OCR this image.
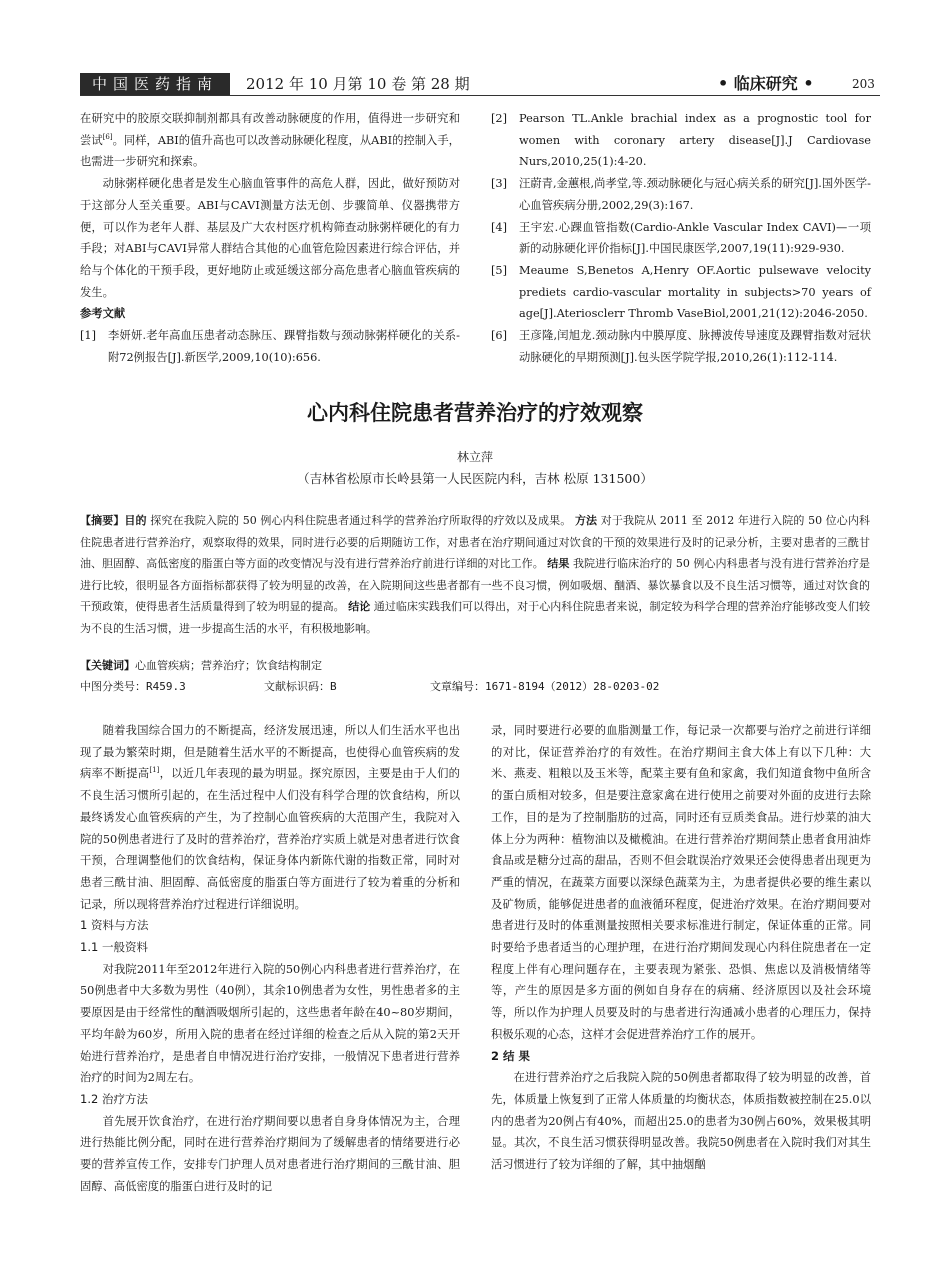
中国医药指南	2012 年 10 月第 10 卷 第 28 期	• 临床研究 •	203

在研究中的胶原交联抑制剂都具有改善动脉硬度的作用，值得进一步研究和尝试[6]。同样，ABI的值升高也可以改善动脉硬化程度，从ABI的控制入手，也需进一步研究和探索。

动脉粥样硬化患者是发生心脑血管事件的高危人群，因此，做好预防对于这部分人至关重要。ABI与CAVI测量方法无创、步骤简单、仪器携带方便，可以作为老年人群、基层及广大农村医疗机构筛查动脉粥样硬化的有力手段；对ABI与CAVI异常人群结合其他的心血管危险因素进行综合评估，并给与个体化的干预手段，更好地防止或延缓这部分高危患者心脑血管疾病的发生。

参考文献

[1]	李妍妍.老年高血压患者动态脉压、踝臂指数与颈动脉粥样硬化的关系-附72例报告[J].新医学,2009,10(10):656.
[2]	Pearson TL.Ankle brachial index as a prognostic tool for women with coronary artery disease[J].J Cardiovase Nurs,2010,25(1):4-20.
[3]	汪蔚青,金蕙根,尚孝堂,等.颈动脉硬化与冠心病关系的研究[J].国外医学-心血管疾病分册,2002,29(3):167.
[4]	王宇宏.心踝血管指数(Cardio-Ankle Vascular Index CAVI)—一项新的动脉硬化评价指标[J].中国民康医学,2007,19(11):929-930.
[5]	Meaume S,Benetos A,Henry OF.Aortic pulsewave velocity prediets cardio-vascular mortality in subjects>70 years of age[J].Ateriosclerr Thromb VaseBiol,2001,21(12):2046-2050.
[6]	王彦隆,闰旭龙.颈动脉内中膜厚度、脉搏波传导速度及踝臂指数对冠状动脉硬化的早期预测[J].包头医学院学报,2010,26(1):112-114.
心内科住院患者营养治疗的疗效观察
林立萍
（吉林省松原市长岭县第一人民医院内科，吉林 松原 131500）
【摘要】目的 探究在我院入院的 50 例心内科住院患者通过科学的营养治疗所取得的疗效以及成果。 方法 对于我院从 2011 至 2012 年进行入院的 50 位心内科住院患者进行营养治疗，观察取得的效果，同时进行必要的后期随访工作，对患者在治疗期间通过对饮食的干预的效果进行及时的记录分析，主要对患者的三酰甘油、胆固醇、高低密度的脂蛋白等方面的改变情况与没有进行营养治疗前进行详细的对比工作。 结果 我院进行临床治疗的 50 例心内科患者与没有进行营养治疗是进行比较，很明显各方面指标都获得了较为明显的改善，在入院期间这些患者都有一些不良习惯，例如吸烟、酗酒、暴饮暴食以及不良生活习惯等，通过对饮食的干预政策，使得患者生活质量得到了较为明显的提高。 结论 通过临床实践我们可以得出，对于心内科住院患者来说，制定较为科学合理的营养治疗能够改变人们较为不良的生活习惯，进一步提高生活的水平，有积极地影响。
【关键词】心血管疾病；营养治疗；饮食结构制定
中图分类号：R459.3	文献标识码：B	文章编号：1671-8194（2012）28-0203-02

随着我国综合国力的不断提高，经济发展迅速，所以人们生活水平也出现了最为繁荣时期，但是随着生活水平的不断提高，也使得心血管疾病的发病率不断提高[1]，以近几年表现的最为明显。探究原因，主要是由于人们的不良生活习惯所引起的，在生活过程中人们没有科学合理的饮食结构，所以最终诱发心血管疾病的产生，为了控制心血管疾病的大范围产生，我院对入院的50例患者进行了及时的营养治疗，营养治疗实质上就是对患者进行饮食干预，合理调整他们的饮食结构，保证身体内新陈代谢的指数正常，同时对患者三酰甘油、胆固醇、高低密度的脂蛋白等方面进行了较为着重的分析和记录，所以现将营养治疗过程进行详细说明。

1 资料与方法

1.1 一般资料

对我院2011年至2012年进行入院的50例心内科患者进行营养治疗，在50例患者中大多数为男性（40例），其余10例患者为女性，男性患者多的主要原因是由于经常性的酗酒吸烟所引起的，这些患者年龄在40~80岁期间，平均年龄为60岁，所用入院的患者在经过详细的检查之后从入院的第2天开始进行营养治疗，是患者自申情况进行治疗安排，一般情况下患者进行营养治疗的时间为2周左右。

1.2 治疗方法

首先展开饮食治疗，在进行治疗期间要以患者自身身体情况为主，合理进行热能比例分配，同时在进行营养治疗期间为了缓解患者的情绪要进行必要的营养宣传工作，安排专门护理人员对患者进行治疗期间的三酰甘油、胆固醇、高低密度的脂蛋白进行及时的记

录，同时要进行必要的血脂测量工作，每记录一次都要与治疗之前进行详细的对比，保证营养治疗的有效性。在治疗期间主食大体上有以下几种：大米、燕麦、粗粮以及玉米等，配菜主要有鱼和家禽，我们知道食物中鱼所含的蛋白质相对较多，但是要注意家禽在进行使用之前要对外面的皮进行去除工作，目的是为了控制脂肪的过高，同时还有豆质类食品。进行炒菜的油大体上分为两种：植物油以及橄榄油。在进行营养治疗期间禁止患者食用油炸食品或是糖分过高的甜品，否则不但会耽误治疗效果还会使得患者出现更为严重的情况，在蔬菜方面要以深绿色蔬菜为主，为患者提供必要的维生素以及矿物质，能够促进患者的血液循环程度，促进治疗效果。在治疗期间要对患者进行及时的体重测量按照相关要求标准进行制定，保证体重的正常。同时要给予患者适当的心理护理，在进行治疗期间发现心内科住院患者在一定程度上伴有心理问题存在，主要表现为紧张、恐惧、焦虑以及消极情绪等等，产生的原因是多方面的例如自身存在的病痛、经济原因以及社会环境等，所以作为护理人员要及时的与患者进行沟通减小患者的心理压力，保持积极乐观的心态，这样才会促进营养治疗工作的展开。

2 结 果

在进行营养治疗之后我院入院的50例患者都取得了较为明显的改善，首先，体质量上恢复到了正常人体质量的均衡状态，体质指数被控制在25.0以内的患者为20例占有40%，而超出25.0的患者为30例占60%，效果极其明显。其次，不良生活习惯获得明显改善。我院50例患者在入院时我们对其生活习惯进行了较为详细的了解，其中抽烟酗
